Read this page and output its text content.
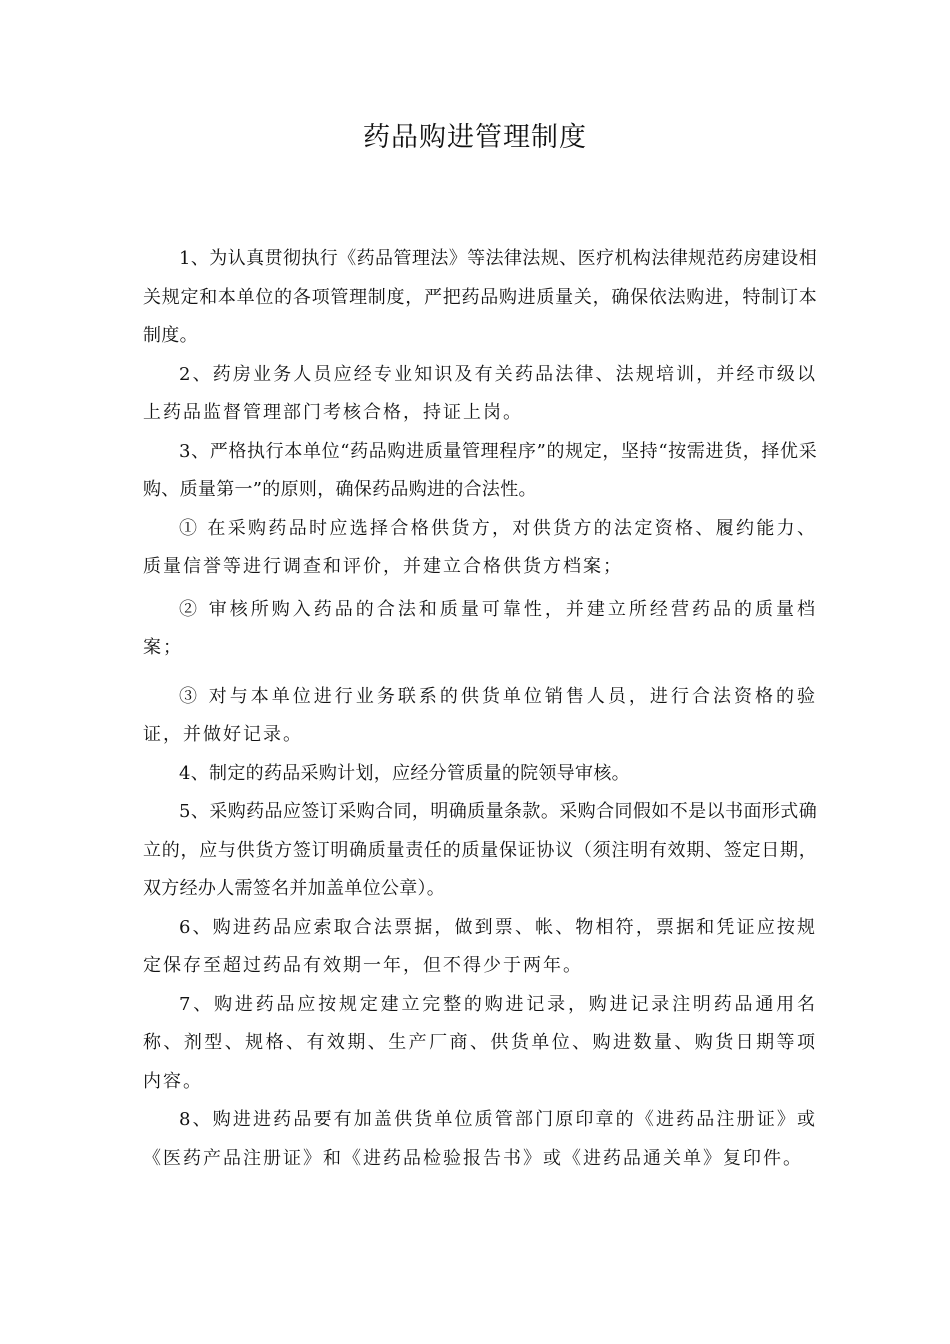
药品购进管理制度

1、为认真贯彻执行《药品管理法》等法律法规、医疗机构法律规范药房建设相关规定和本单位的各项管理制度，严把药品购进质量关，确保依法购进，特制订本制度。

2、药房业务人员应经专业知识及有关药品法律、法规培训，并经市级以上药品监督管理部门考核合格，持证上岗。

3、严格执行本单位“药品购进质量管理程序”的规定，坚持“按需进货，择优采购、质量第一”的原则，确保药品购进的合法性。

① 在采购药品时应选择合格供货方，对供货方的法定资格、履约能力、质量信誉等进行调查和评价，并建立合格供货方档案；

② 审核所购入药品的合法和质量可靠性，并建立所经营药品的质量档案；

③ 对与本单位进行业务联系的供货单位销售人员，进行合法资格的验证，并做好记录。

4、制定的药品采购计划，应经分管质量的院领导审核。

5、采购药品应签订采购合同，明确质量条款。采购合同假如不是以书面形式确立的，应与供货方签订明确质量责任的质量保证协议（须注明有效期、签定日期，双方经办人需签名并加盖单位公章）。

6、购进药品应索取合法票据，做到票、帐、物相符，票据和凭证应按规定保存至超过药品有效期一年，但不得少于两年。

7、购进药品应按规定建立完整的购进记录，购进记录注明药品通用名称、剂型、规格、有效期、生产厂商、供货单位、购进数量、购货日期等项内容。

8、购进进药品要有加盖供货单位质管部门原印章的《进药品注册证》或《医药产品注册证》和《进药品检验报告书》或《进药品通关单》复印件。
